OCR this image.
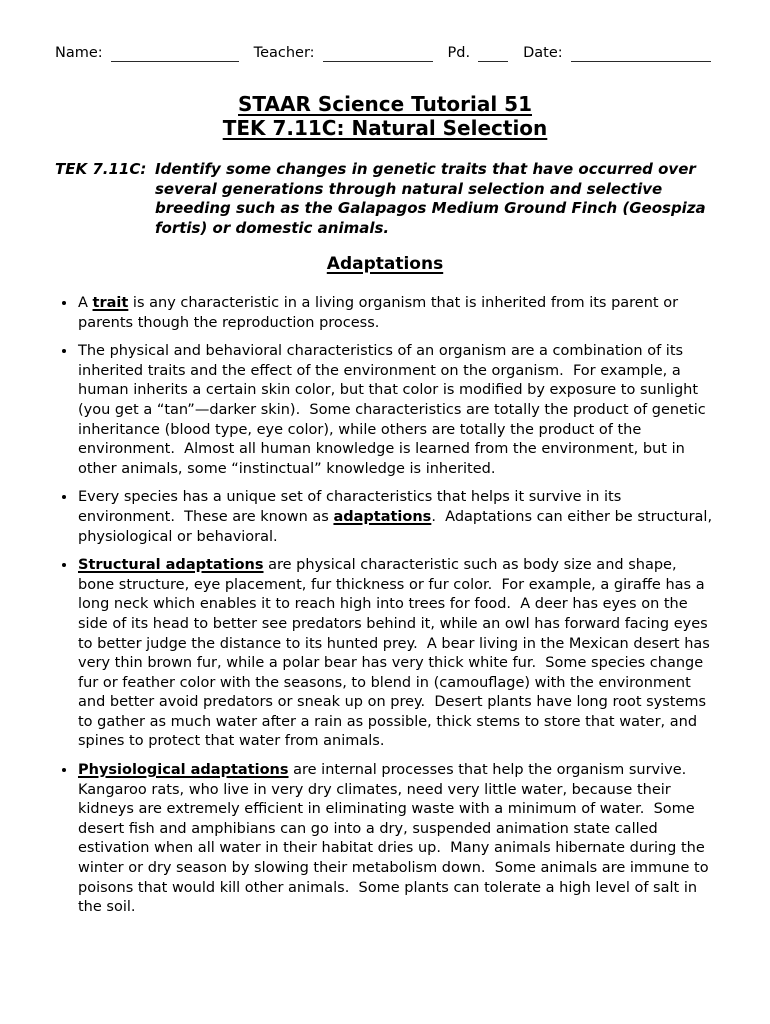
Name:	Teacher:	Pd.	Date:
STAAR Science Tutorial 51
TEK 7.11C: Natural Selection
TEK 7.11C: Identify some changes in genetic traits that have occurred over several generations through natural selection and selective breeding such as the Galapagos Medium Ground Finch (Geospiza fortis) or domestic animals.
Adaptations
• A trait is any characteristic in a living organism that is inherited from its parent or parents though the reproduction process.
• The physical and behavioral characteristics of an organism are a combination of its inherited traits and the effect of the environment on the organism.  For example, a human inherits a certain skin color, but that color is modified by exposure to sunlight (you get a “tan”—darker skin).  Some characteristics are totally the product of genetic inheritance (blood type, eye color), while others are totally the product of the environment.  Almost all human knowledge is learned from the environment, but in other animals, some “instinctual” knowledge is inherited.
• Every species has a unique set of characteristics that helps it survive in its environment.  These are known as adaptations.  Adaptations can either be structural, physiological or behavioral.
• Structural adaptations are physical characteristic such as body size and shape, bone structure, eye placement, fur thickness or fur color.  For example, a giraffe has a long neck which enables it to reach high into trees for food.  A deer has eyes on the side of its head to better see predators behind it, while an owl has forward facing eyes to better judge the distance to its hunted prey.  A bear living in the Mexican desert has very thin brown fur, while a polar bear has very thick white fur.  Some species change fur or feather color with the seasons, to blend in (camouflage) with the environment and better avoid predators or sneak up on prey.  Desert plants have long root systems to gather as much water after a rain as possible, thick stems to store that water, and spines to protect that water from animals.
• Physiological adaptations are internal processes that help the organism survive.  Kangaroo rats, who live in very dry climates, need very little water, because their kidneys are extremely efficient in eliminating waste with a minimum of water.  Some desert fish and amphibians can go into a dry, suspended animation state called estivation when all water in their habitat dries up.  Many animals hibernate during the winter or dry season by slowing their metabolism down.  Some animals are immune to poisons that would kill other animals.  Some plants can tolerate a high level of salt in the soil.
